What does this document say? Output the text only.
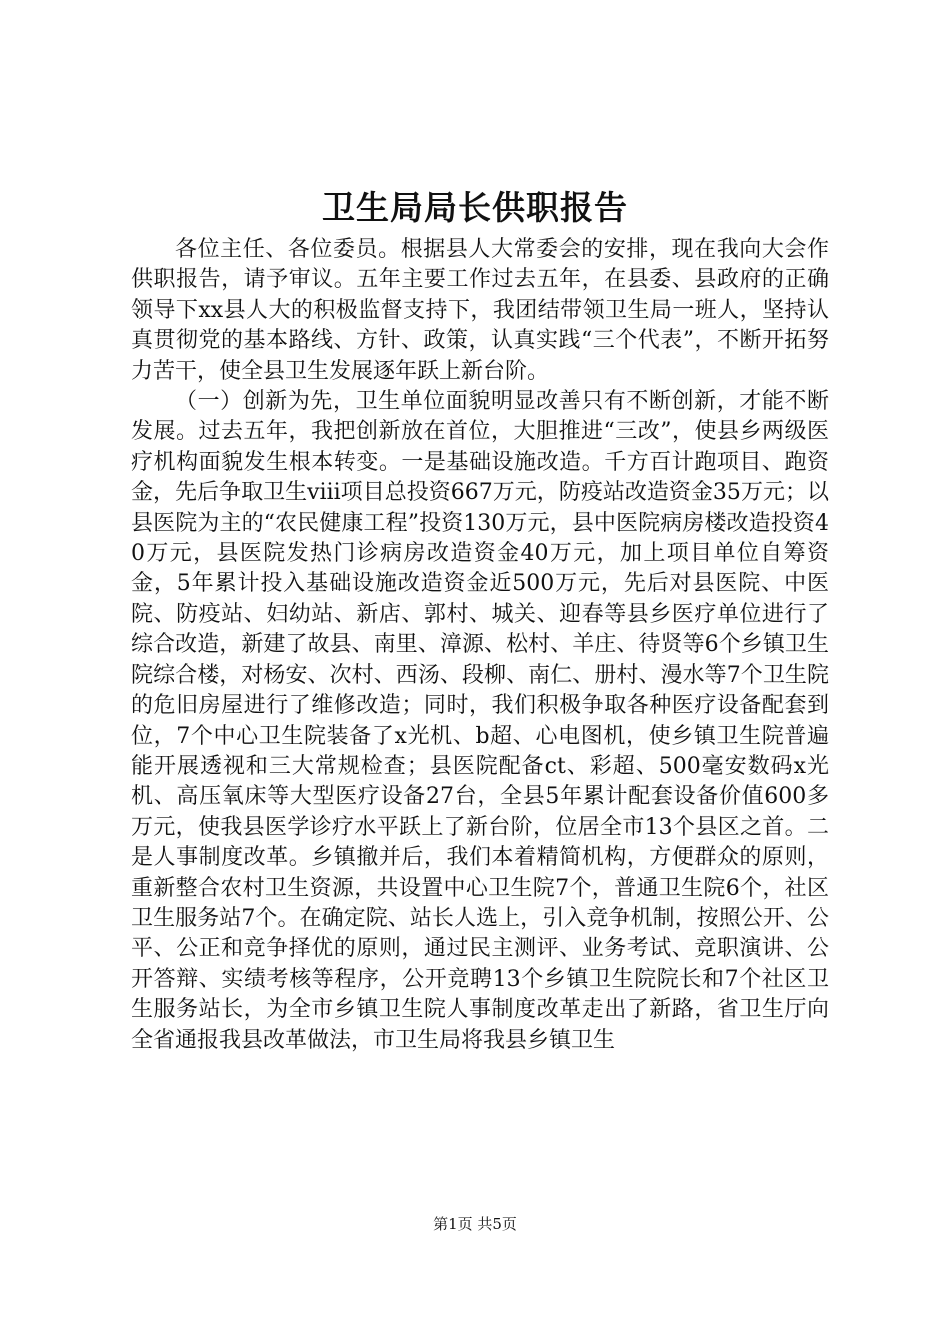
卫生局局长供职报告

各位主任、各位委员。根据县人大常委会的安排，现在我向大会作供职报告，请予审议。五年主要工作过去五年，在县委、县政府的正确领导下xx县人大的积极监督支持下，我团结带领卫生局一班人，坚持认真贯彻党的基本路线、方针、政策，认真实践“三个代表”，不断开拓努力苦干，使全县卫生发展逐年跃上新台阶。

（一）创新为先，卫生单位面貌明显改善只有不断创新，才能不断发展。过去五年，我把创新放在首位，大胆推进“三改”，使县乡两级医疗机构面貌发生根本转变。一是基础设施改造。千方百计跑项目、跑资金，先后争取卫生ⅷ项目总投资667万元，防疫站改造资金35万元；以县医院为主的“农民健康工程”投资130万元，县中医院病房楼改造投资40万元，县医院发热门诊病房改造资金40万元，加上项目单位自筹资金，5年累计投入基础设施改造资金近500万元，先后对县医院、中医院、防疫站、妇幼站、新店、郭村、城关、迎春等县乡医疗单位进行了综合改造，新建了故县、南里、漳源、松村、羊庄、待贤等6个乡镇卫生院综合楼，对杨安、次村、西汤、段柳、南仁、册村、漫水等7个卫生院的危旧房屋进行了维修改造；同时，我们积极争取各种医疗设备配套到位，7个中心卫生院装备了x光机、b超、心电图机，使乡镇卫生院普遍能开展透视和三大常规检查；县医院配备ct、彩超、500毫安数码x光机、高压氧床等大型医疗设备27台，全县5年累计配套设备价值600多万元，使我县医学诊疗水平跃上了新台阶，位居全市13个县区之首。二是人事制度改革。乡镇撤并后，我们本着精简机构，方便群众的原则，重新整合农村卫生资源，共设置中心卫生院7个，普通卫生院6个，社区卫生服务站7个。在确定院、站长人选上，引入竞争机制，按照公开、公平、公正和竞争择优的原则，通过民主测评、业务考试、竞职演讲、公开答辩、实绩考核等程序，公开竞聘13个乡镇卫生院院长和7个社区卫生服务站长，为全市乡镇卫生院人事制度改革走出了新路，省卫生厅向全省通报我县改革做法，市卫生局将我县乡镇卫生

第1页 共5页
